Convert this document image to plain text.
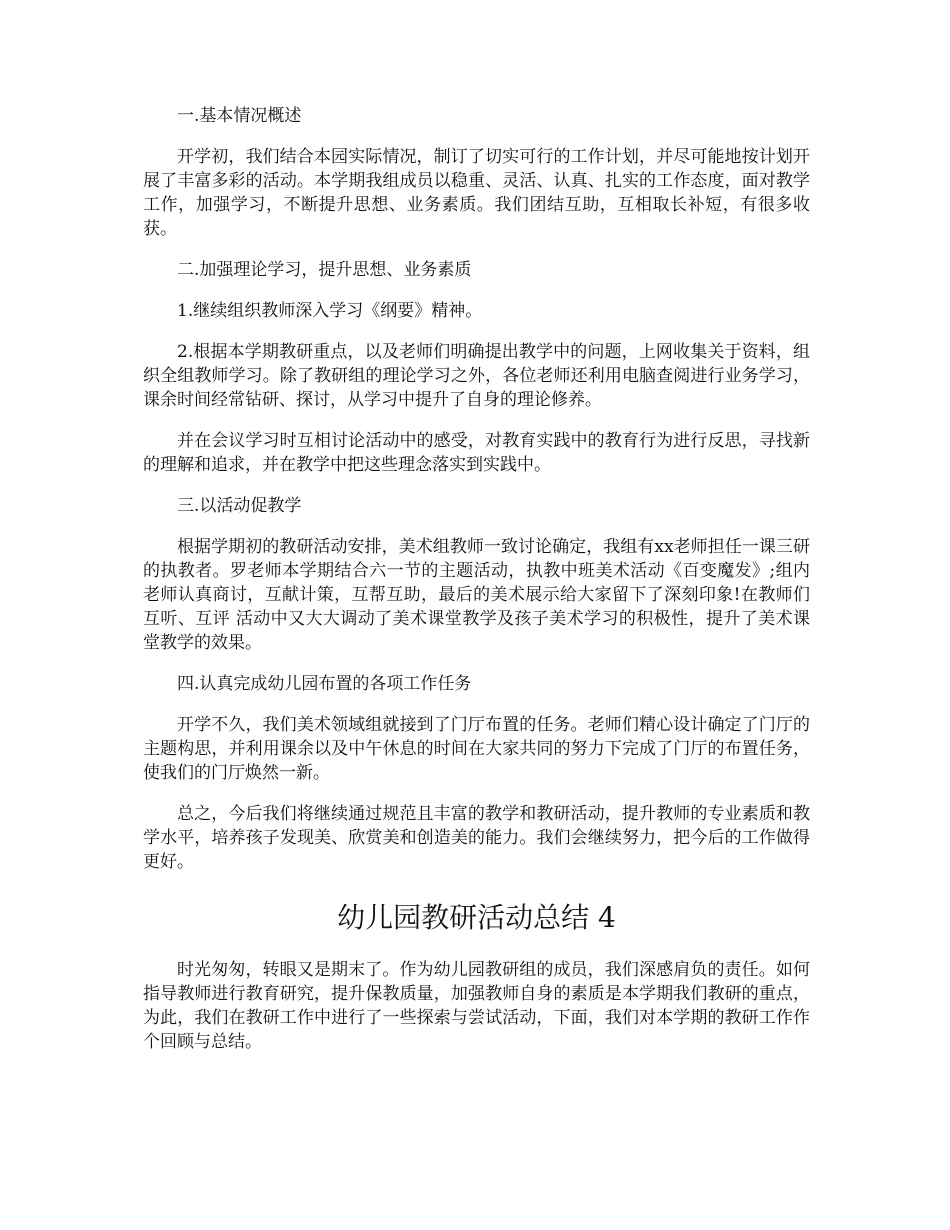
一.基本情况概述

开学初，我们结合本园实际情况，制订了切实可行的工作计划，并尽可能地按计划开展了丰富多彩的活动。本学期我组成员以稳重、灵活、认真、扎实的工作态度，面对教学工作，加强学习，不断提升思想、业务素质。我们团结互助，互相取长补短，有很多收获。

二.加强理论学习，提升思想、业务素质

1.继续组织教师深入学习《纲要》精神。

2.根据本学期教研重点，以及老师们明确提出教学中的问题，上网收集关于资料，组织全组教师学习。除了教研组的理论学习之外，各位老师还利用电脑查阅进行业务学习，课余时间经常钻研、探讨，从学习中提升了自身的理论修养。

并在会议学习时互相讨论活动中的感受，对教育实践中的教育行为进行反思，寻找新的理解和追求，并在教学中把这些理念落实到实践中。

三.以活动促教学

根据学期初的教研活动安排，美术组教师一致讨论确定，我组有xx老师担任一课三研 的执教者。罗老师本学期结合六一节的主题活动，执教中班美术活动《百变魔发》;组内老师认真商讨，互献计策，互帮互助，最后的美术展示给大家留下了深刻印象!在教师们 互听、互评 活动中又大大调动了美术课堂教学及孩子美术学习的积极性，提升了美术课堂教学的效果。

四.认真完成幼儿园布置的各项工作任务

开学不久，我们美术领域组就接到了门厅布置的任务。老师们精心设计确定了门厅的主题构思，并利用课余以及中午休息的时间在大家共同的努力下完成了门厅的布置任务，使我们的门厅焕然一新。

总之，今后我们将继续通过规范且丰富的教学和教研活动，提升教师的专业素质和教学水平，培养孩子发现美、欣赏美和创造美的能力。我们会继续努力，把今后的工作做得更好。

幼儿园教研活动总结 4

时光匆匆，转眼又是期末了。作为幼儿园教研组的成员，我们深感肩负的责任。如何指导教师进行教育研究，提升保教质量，加强教师自身的素质是本学期我们教研的重点，为此，我们在教研工作中进行了一些探索与尝试活动，下面，我们对本学期的教研工作作个回顾与总结。
